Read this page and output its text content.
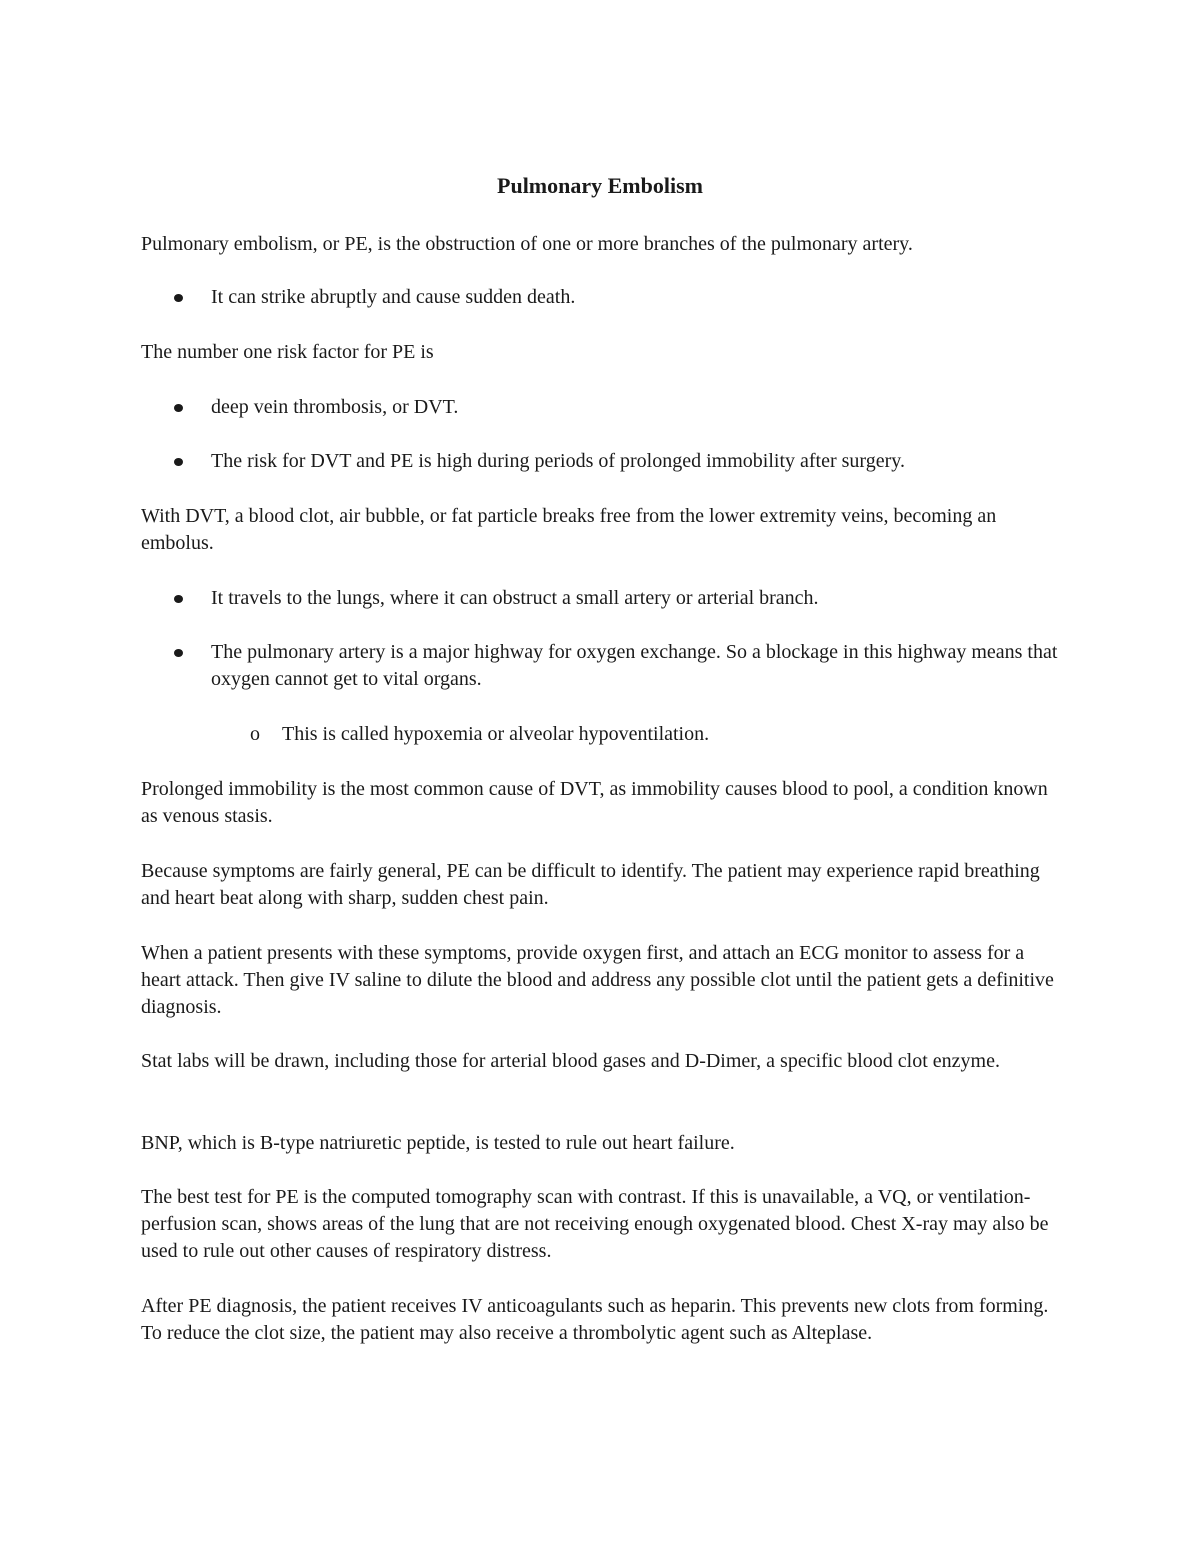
Pulmonary Embolism

Pulmonary embolism, or PE, is the obstruction of one or more branches of the pulmonary artery.

It can strike abruptly and cause sudden death.

The number one risk factor for PE is

deep vein thrombosis, or DVT.
The risk for DVT and PE is high during periods of prolonged immobility after surgery.

With DVT, a blood clot, air bubble, or fat particle breaks free from the lower extremity veins, becoming an embolus.

It travels to the lungs, where it can obstruct a small artery or arterial branch.
The pulmonary artery is a major highway for oxygen exchange. So a blockage in this highway means that oxygen cannot get to vital organs.
o This is called hypoxemia or alveolar hypoventilation.

Prolonged immobility is the most common cause of DVT, as immobility causes blood to pool, a condition known as venous stasis.

Because symptoms are fairly general, PE can be difficult to identify. The patient may experience rapid breathing and heart beat along with sharp, sudden chest pain.

When a patient presents with these symptoms, provide oxygen first, and attach an ECG monitor to assess for a heart attack. Then give IV saline to dilute the blood and address any possible clot until the patient gets a definitive diagnosis.

Stat labs will be drawn, including those for arterial blood gases and D-Dimer, a specific blood clot enzyme.

BNP, which is B-type natriuretic peptide, is tested to rule out heart failure.

The best test for PE is the computed tomography scan with contrast. If this is unavailable, a VQ, or ventilation-perfusion scan, shows areas of the lung that are not receiving enough oxygenated blood. Chest X-ray may also be used to rule out other causes of respiratory distress.

After PE diagnosis, the patient receives IV anticoagulants such as heparin. This prevents new clots from forming. To reduce the clot size, the patient may also receive a thrombolytic agent such as Alteplase.
